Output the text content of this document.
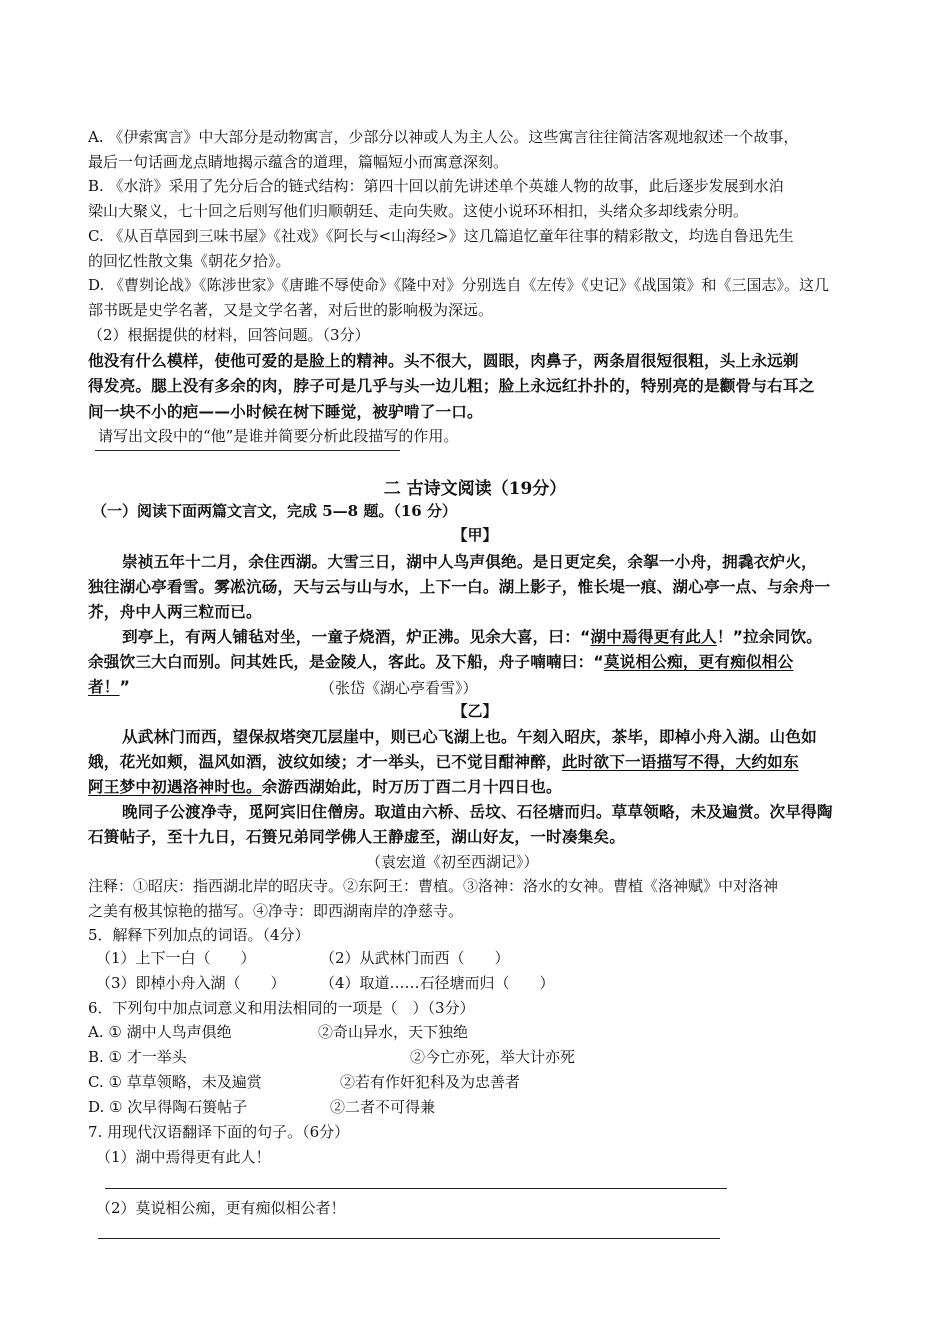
A. 《伊索寓言》中大部分是动物寓言，少部分以神或人为主人公。这些寓言往往简洁客观地叙述一个故事，
最后一句话画龙点睛地揭示蕴含的道理，篇幅短小而寓意深刻。
B. 《水浒》采用了先分后合的链式结构：第四十回以前先讲述单个英雄人物的故事，此后逐步发展到水泊
梁山大聚义，七十回之后则写他们归顺朝廷、走向失败。这使小说环环相扣，头绪众多却线索分明。
C. 《从百草园到三味书屋》《社戏》《阿长与<山海经>》这几篇追忆童年往事的精彩散文，均选自鲁迅先生
的回忆性散文集《朝花夕拾》。
D. 《曹刿论战》《陈涉世家》《唐雎不辱使命》《隆中对》分别选自《左传》《史记》《战国策》和《三国志》。这几
部书既是史学名著，又是文学名著，对后世的影响极为深远。
（2）根据提供的材料，回答问题。（3分）
他没有什么模样，使他可爱的是脸上的精神。头不很大，圆眼，肉鼻子，两条眉很短很粗，头上永远剃
得发亮。腮上没有多余的肉，脖子可是几乎与头一边儿粗；脸上永远红扑扑的，特别亮的是颧骨与右耳之
间一块不小的疤——小时候在树下睡觉，被驴啃了一口。
请写出文段中的“他”是谁并简要分析此段描写的作用。
二 古诗文阅读（19分）
（一）阅读下面两篇文言文，完成 5—8 题。（16 分）
【甲】
崇祯五年十二月，余住西湖。大雪三日，湖中人鸟声俱绝。是日更定矣，余挐一小舟，拥毳衣炉火，
独往湖心亭看雪。雾凇沆砀，天与云与山与水，上下一白。湖上影子，惟长堤一痕、湖心亭一点、与余舟一
芥，舟中人两三粒而已。
到亭上，有两人铺毡对坐，一童子烧酒，炉正沸。见余大喜，曰：“湖中焉得更有此人！”拉余同饮。
余强饮三大白而别。问其姓氏，是金陵人，客此。及下船，舟子喃喃曰：“莫说相公痴，更有痴似相公
者！”	（张岱《湖心亭看雪》）
【乙】
从武林门而西，望保叔塔突兀层崖中，则已心飞湖上也。午刻入昭庆，茶毕，即棹小舟入湖。山色如
娥，花光如颊，温风如酒，波纹如绫；才一举头，已不觉目酣神醉，此时欲下一语描写不得，大约如东
阿王梦中初遇洛神时也。余游西湖始此，时万历丁酉二月十四日也。
晚同子公渡净寺，觅阿宾旧住僧房。取道由六桥、岳坟、石径塘而归。草草领略，未及遍赏。次早得陶
石篑帖子，至十九日，石篑兄弟同学佛人王静虚至，湖山好友，一时凑集矣。
（袁宏道《初至西湖记》）
注释：①昭庆：指西湖北岸的昭庆寺。②东阿王：曹植。③洛神：洛水的女神。曹植《洛神赋》中对洛神
之美有极其惊艳的描写。④净寺：即西湖南岸的净慈寺。
5．解释下列加点的词语。（4分）
（1）上下一白（　　）	（2）从武林门而西（　　）
（3）即棹小舟入湖（　　） （4）取道……石径塘而归（　　）
6．下列句中加点词意义和用法相同的一项是（　）（3分）
A. ① 湖中人鸟声俱绝	②奇山异水，天下独绝
B. ① 才一举头	②今亡亦死，举大计亦死
C. ① 草草领略，未及遍赏	②若有作奸犯科及为忠善者
D. ① 次早得陶石篑帖子	②二者不可得兼
7. 用现代汉语翻译下面的句子。（6分）
（1）湖中焉得更有此人！
（2）莫说相公痴，更有痴似相公者！
